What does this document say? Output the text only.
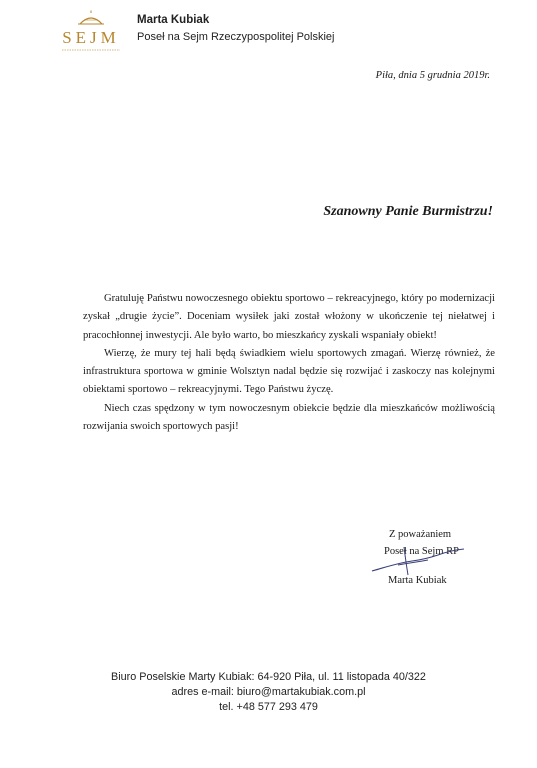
SEJM
Marta Kubiak
Poseł na Sejm Rzeczypospolitej Polskiej
Piła, dnia 5 grudnia 2019r.
Szanowny Panie Burmistrzu!

Gratuluję Państwu nowoczesnego obiektu sportowo – rekreacyjnego, który po modernizacji zyskał „drugie życie”. Doceniam wysiłek jaki został włożony w ukończenie tej niełatwej i pracochłonnej inwestycji. Ale było warto, bo mieszkańcy zyskali wspaniały obiekt!

Wierzę, że mury tej hali będą świadkiem wielu sportowych zmagań. Wierzę również, że infrastruktura sportowa w gminie Wolsztyn nadal będzie się rozwijać i zaskoczy nas kolejnymi obiektami sportowo – rekreacyjnymi. Tego Państwu życzę.

Niech czas spędzony w tym nowoczesnym obiekcie będzie dla mieszkańców możliwością rozwijania swoich sportowych pasji!

Z poważaniem
Poseł na Sejm RP
Marta Kubiak
Biuro Poselskie Marty Kubiak: 64-920 Piła, ul. 11 listopada 40/322
adres e-mail: biuro@martakubiak.com.pl
tel. +48 577 293 479
